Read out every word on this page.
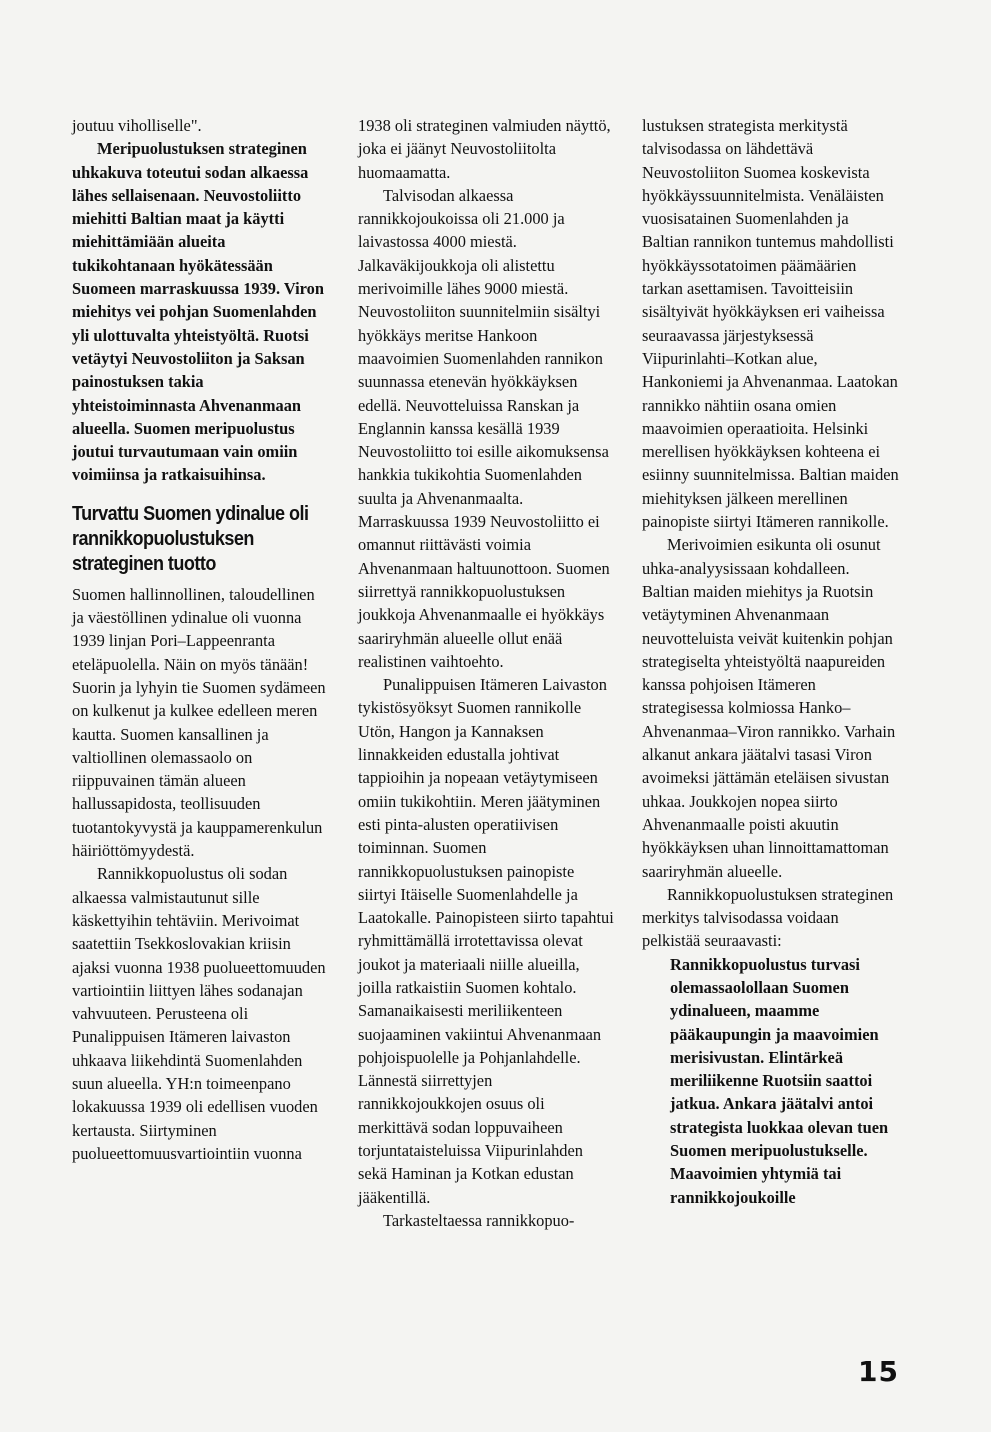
joutuu vihollisellе".

Meripuolustuksen strateginen uhkakuva toteutui sodan alkaessa lähes sellaisenaan. Neuvostoliitto miehitti Baltian maat ja käytti miehittämiään alueita tukikohtanaan hyökätessään Suomeen marraskuussa 1939. Viron miehitys vei pohjan Suomenlahden yli ulottuvalta yhteistyöltä. Ruotsi vetäytyi Neuvostoliiton ja Saksan painostuksen takia yhteistoiminnasta Ahvenanmaan alueella. Suomen meripuolustus joutui turvautumaan vain omiin voimiinsa ja ratkaisuihinsa.

Turvattu Suomen ydinalue oli rannikkopuolustuksen strateginen tuotto

Suomen hallinnollinen, taloudellinen ja väestöllinen ydinalue oli vuonna 1939 linjan Pori–Lappeenranta eteläpuolella. Näin on myös tänään! Suorin ja lyhyin tie Suomen sydämeen on kulkenut ja kulkee edelleen meren kautta. Suomen kansallinen ja valtiollinen olemassaolo on riippuvainen tämän alueen hallussapidosta, teollisuuden tuotantokyvystä ja kauppamerenkulun häiriöttömyydestä.

Rannikkopuolustus oli sodan alkaessa valmistautunut sille käskettyihin tehtäviin. Merivoimat saatettiin Tsekkoslovakian kriisin ajaksi vuonna 1938 puolueettomuuden vartiointiin liittyen lähes sodanajan vahvuuteen. Perusteena oli Punalippuisen Itämeren laivaston uhkaava liikehdintä Suomenlahden suun alueella. YH:n toimeenpano lokakuussa 1939 oli edellisen vuoden kertausta. Siirtyminen puolueettomuusvartiointiin vuonna

1938 oli strateginen valmiuden näyttö, joka ei jäänyt Neuvostoliitolta huomaamatta.

Talvisodan alkaessa rannikkojoukoissa oli 21.000 ja laivastossa 4000 miestä. Jalkaväkijoukkoja oli alistettu merivoimille lähes 9000 miestä. Neuvostoliiton suunnitelmiin sisältyi hyökkäys meritse Hankoon maavoimien Suomenlahden rannikon suunnassa etenevän hyökkäyksen edellä. Neuvotteluissa Ranskan ja Englannin kanssa kesällä 1939 Neuvostoliitto toi esille aikomuksensa hankkia tukikohtia Suomenlahden suulta ja Ahvenanmaalta. Marraskuussa 1939 Neuvostoliitto ei omannut riittävästi voimia Ahvenanmaan haltuunottoon. Suomen siirrettyä rannikkopuolustuksen joukkoja Ahvenanmaalle ei hyökkäys saariryhmän alueelle ollut enää realistinen vaihtoehto.

Punalippuisen Itämeren Laivaston tykistösyöksyt Suomen rannikolle Utön, Hangon ja Kannaksen linnakkeiden edustalla johtivat tappioihin ja nopeaan vetäytymiseen omiin tukikohtiin. Meren jäätyminen esti pinta-alusten operatiivisen toiminnan. Suomen rannikkopuolustuksen painopiste siirtyi Itäiselle Suomenlahdelle ja Laatokalle. Painopisteen siirto tapahtui ryhmittämällä irrotettavissa olevat joukot ja materiaali niille alueilla, joilla ratkaistiin Suomen kohtalo. Samanaikaisesti meriliikenteen suojaaminen vakiintui Ahvenanmaan pohjoispuolelle ja Pohjanlahdelle. Lännestä siirrettyjen rannikkojoukkojen osuus oli merkittävä sodan loppuvaiheen torjuntataisteluissa Viipurinlahden sekä Haminan ja Kotkan edustan jääkentillä.

Tarkasteltaessa rannikkopuo-

lustuksen strategista merkitystä talvisodassa on lähdettävä Neuvostoliiton Suomea koskevista hyökkäyssuunnitelmista. Venäläisten vuosisatainen Suomenlahden ja Baltian rannikon tuntemus mahdollisti hyökkäyssotatoimen päämäärien tarkan asettamisen. Tavoitteisiin sisältyivät hyökkäyksen eri vaiheissa seuraavassa järjestyksessä Viipurinlahti–Kotkan alue, Hankoniemi ja Ahvenanmaa. Laatokan rannikko nähtiin osana omien maavoimien operaatioita. Helsinki merellisen hyökkäyksen kohteena ei esiinny suunnitelmissa. Baltian maiden miehityksen jälkeen merellinen painopiste siirtyi Itämeren rannikolle.

Merivoimien esikunta oli osunut uhka-analyysissaan kohdalleen. Baltian maiden miehitys ja Ruotsin vetäytyminen Ahvenanmaan neuvotteluista veivät kuitenkin pohjan strategiselta yhteistyöltä naapureiden kanssa pohjoisen Itämeren strategisessa kolmiossa Hanko–Ahvenanmaa–Viron rannikko. Varhain alkanut ankara jäätalvi tasasi Viron avoimeksi jättämän eteläisen sivustan uhkaa. Joukkojen nopea siirto Ahvenanmaalle poisti akuutin hyökkäyksen uhan linnoittamattoman saariryhmän alueelle.

Rannikkopuolustuksen strateginen merkitys talvisodassa voidaan pelkistää seuraavasti:

Rannikkopuolustus turvasi olemassaolollaan Suomen ydinalueen, maamme pääkaupungin ja maavoimien merisivustan. Elintärkeä meriliikenne Ruotsiin saattoi jatkua. Ankara jäätalvi antoi strategista luokkaa olevan tuen Suomen meripuolustukselle. Maavoimien yhtymiä tai rannikkojoukoille

15
